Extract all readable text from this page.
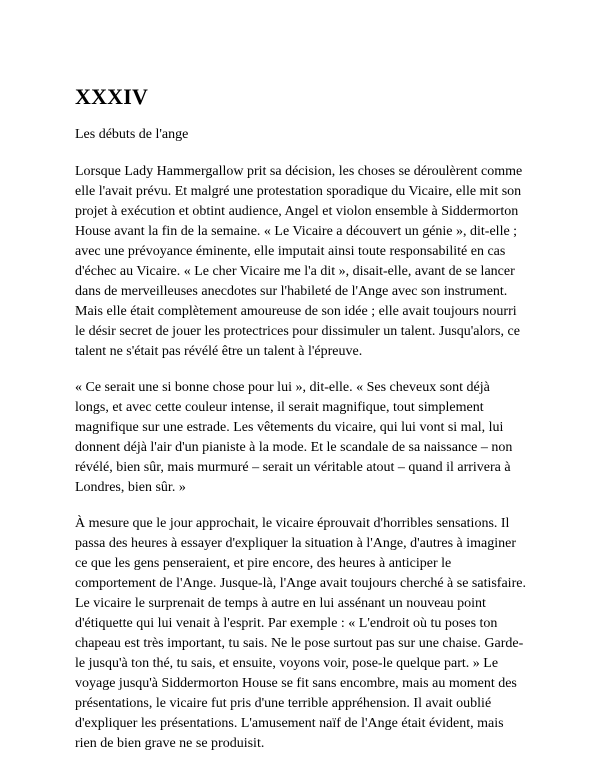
XXXIV
Les débuts de l'ange

Lorsque Lady Hammergallow prit sa décision, les choses se déroulèrent comme elle l'avait prévu. Et malgré une protestation sporadique du Vicaire, elle mit son projet à exécution et obtint audience, Angel et violon ensemble à Siddermorton House avant la fin de la semaine. « Le Vicaire a découvert un génie », dit-elle ; avec une prévoyance éminente, elle imputait ainsi toute responsabilité en cas d'échec au Vicaire. « Le cher Vicaire me l'a dit », disait-elle, avant de se lancer dans de merveilleuses anecdotes sur l'habileté de l'Ange avec son instrument. Mais elle était complètement amoureuse de son idée ; elle avait toujours nourri le désir secret de jouer les protectrices pour dissimuler un talent. Jusqu'alors, ce talent ne s'était pas révélé être un talent à l'épreuve.

« Ce serait une si bonne chose pour lui », dit-elle. « Ses cheveux sont déjà longs, et avec cette couleur intense, il serait magnifique, tout simplement magnifique sur une estrade. Les vêtements du vicaire, qui lui vont si mal, lui donnent déjà l'air d'un pianiste à la mode. Et le scandale de sa naissance – non révélé, bien sûr, mais murmuré – serait un véritable atout – quand il arrivera à Londres, bien sûr. »

À mesure que le jour approchait, le vicaire éprouvait d'horribles sensations. Il passa des heures à essayer d'expliquer la situation à l'Ange, d'autres à imaginer ce que les gens penseraient, et pire encore, des heures à anticiper le comportement de l'Ange. Jusque-là, l'Ange avait toujours cherché à se satisfaire. Le vicaire le surprenait de temps à autre en lui assénant un nouveau point d'étiquette qui lui venait à l'esprit. Par exemple : « L'endroit où tu poses ton chapeau est très important, tu sais. Ne le pose surtout pas sur une chaise. Garde-le jusqu'à ton thé, tu sais, et ensuite, voyons voir, pose-le quelque part. » Le voyage jusqu'à Siddermorton House se fit sans encombre, mais au moment des présentations, le vicaire fut pris d'une terrible appréhension. Il avait oublié d'expliquer les présentations. L'amusement naïf de l'Ange était évident, mais rien de bien grave ne se produisit.
